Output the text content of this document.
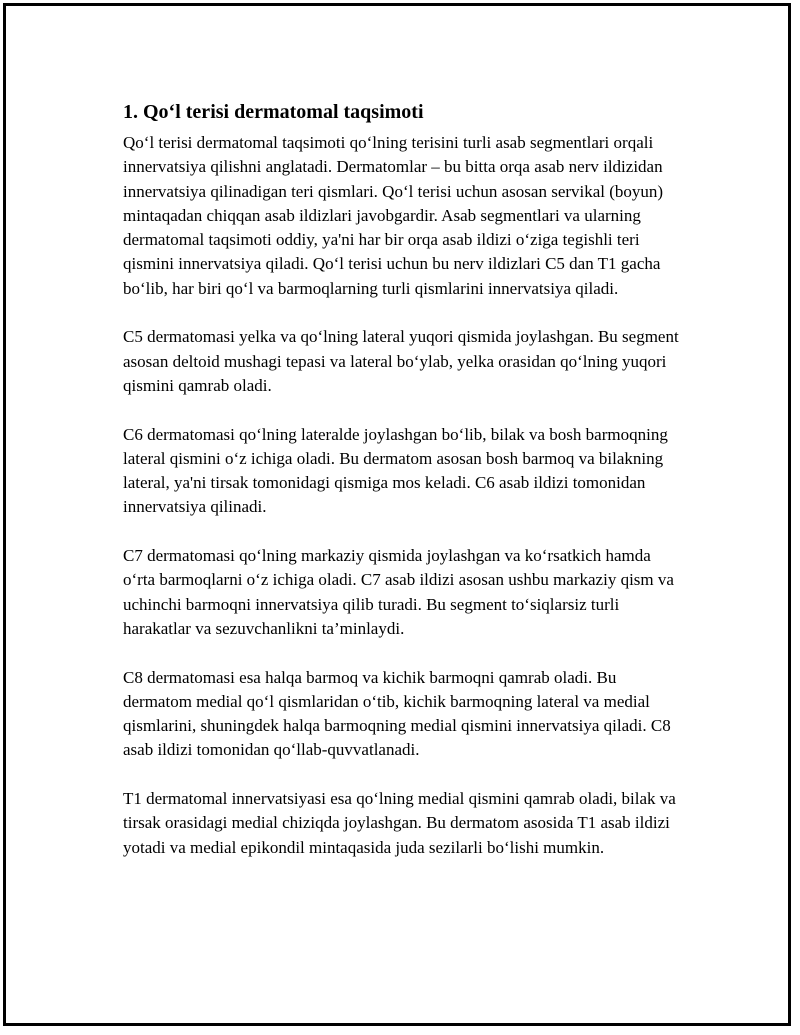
1. Qo‘l terisi dermatomal taqsimoti

Qo‘l terisi dermatomal taqsimoti qo‘lning terisini turli asab segmentlari orqali innervatsiya qilishni anglatadi. Dermatomlar – bu bitta orqa asab nerv ildizidan innervatsiya qilinadigan teri qismlari. Qo‘l terisi uchun asosan servikal (boyun) mintaqadan chiqqan asab ildizlari javobgardir. Asab segmentlari va ularning dermatomal taqsimoti oddiy, ya'ni har bir orqa asab ildizi o‘ziga tegishli teri qismini innervatsiya qiladi. Qo‘l terisi uchun bu nerv ildizlari C5 dan T1 gacha bo‘lib, har biri qo‘l va barmoqlarning turli qismlarini innervatsiya qiladi.

C5 dermatomasi yelka va qo‘lning lateral yuqori qismida joylashgan. Bu segment asosan deltoid mushagi tepasi va lateral bo‘ylab, yelka orasidan qo‘lning yuqori qismini qamrab oladi.

C6 dermatomasi qo‘lning lateralde joylashgan bo‘lib, bilak va bosh barmoqning lateral qismini o‘z ichiga oladi. Bu dermatom asosan bosh barmoq va bilakning lateral, ya'ni tirsak tomonidagi qismiga mos keladi. C6 asab ildizi tomonidan innervatsiya qilinadi.

C7 dermatomasi qo‘lning markaziy qismida joylashgan va ko‘rsatkich hamda o‘rta barmoqlarni o‘z ichiga oladi. C7 asab ildizi asosan ushbu markaziy qism va uchinchi barmoqni innervatsiya qilib turadi. Bu segment to‘siqlarsiz turli harakatlar va sezuvchanlikni ta’minlaydi.

C8 dermatomasi esa halqa barmoq va kichik barmoqni qamrab oladi. Bu dermatom medial qo‘l qismlaridan o‘tib, kichik barmoqning lateral va medial qismlarini, shuningdek halqa barmoqning medial qismini innervatsiya qiladi. C8 asab ildizi tomonidan qo‘llab-quvvatlanadi.

T1 dermatomal innervatsiyasi esa qo‘lning medial qismini qamrab oladi, bilak va tirsak orasidagi medial chiziqda joylashgan. Bu dermatom asosida T1 asab ildizi yotadi va medial epikondil mintaqasida juda sezilarli bo‘lishi mumkin.
